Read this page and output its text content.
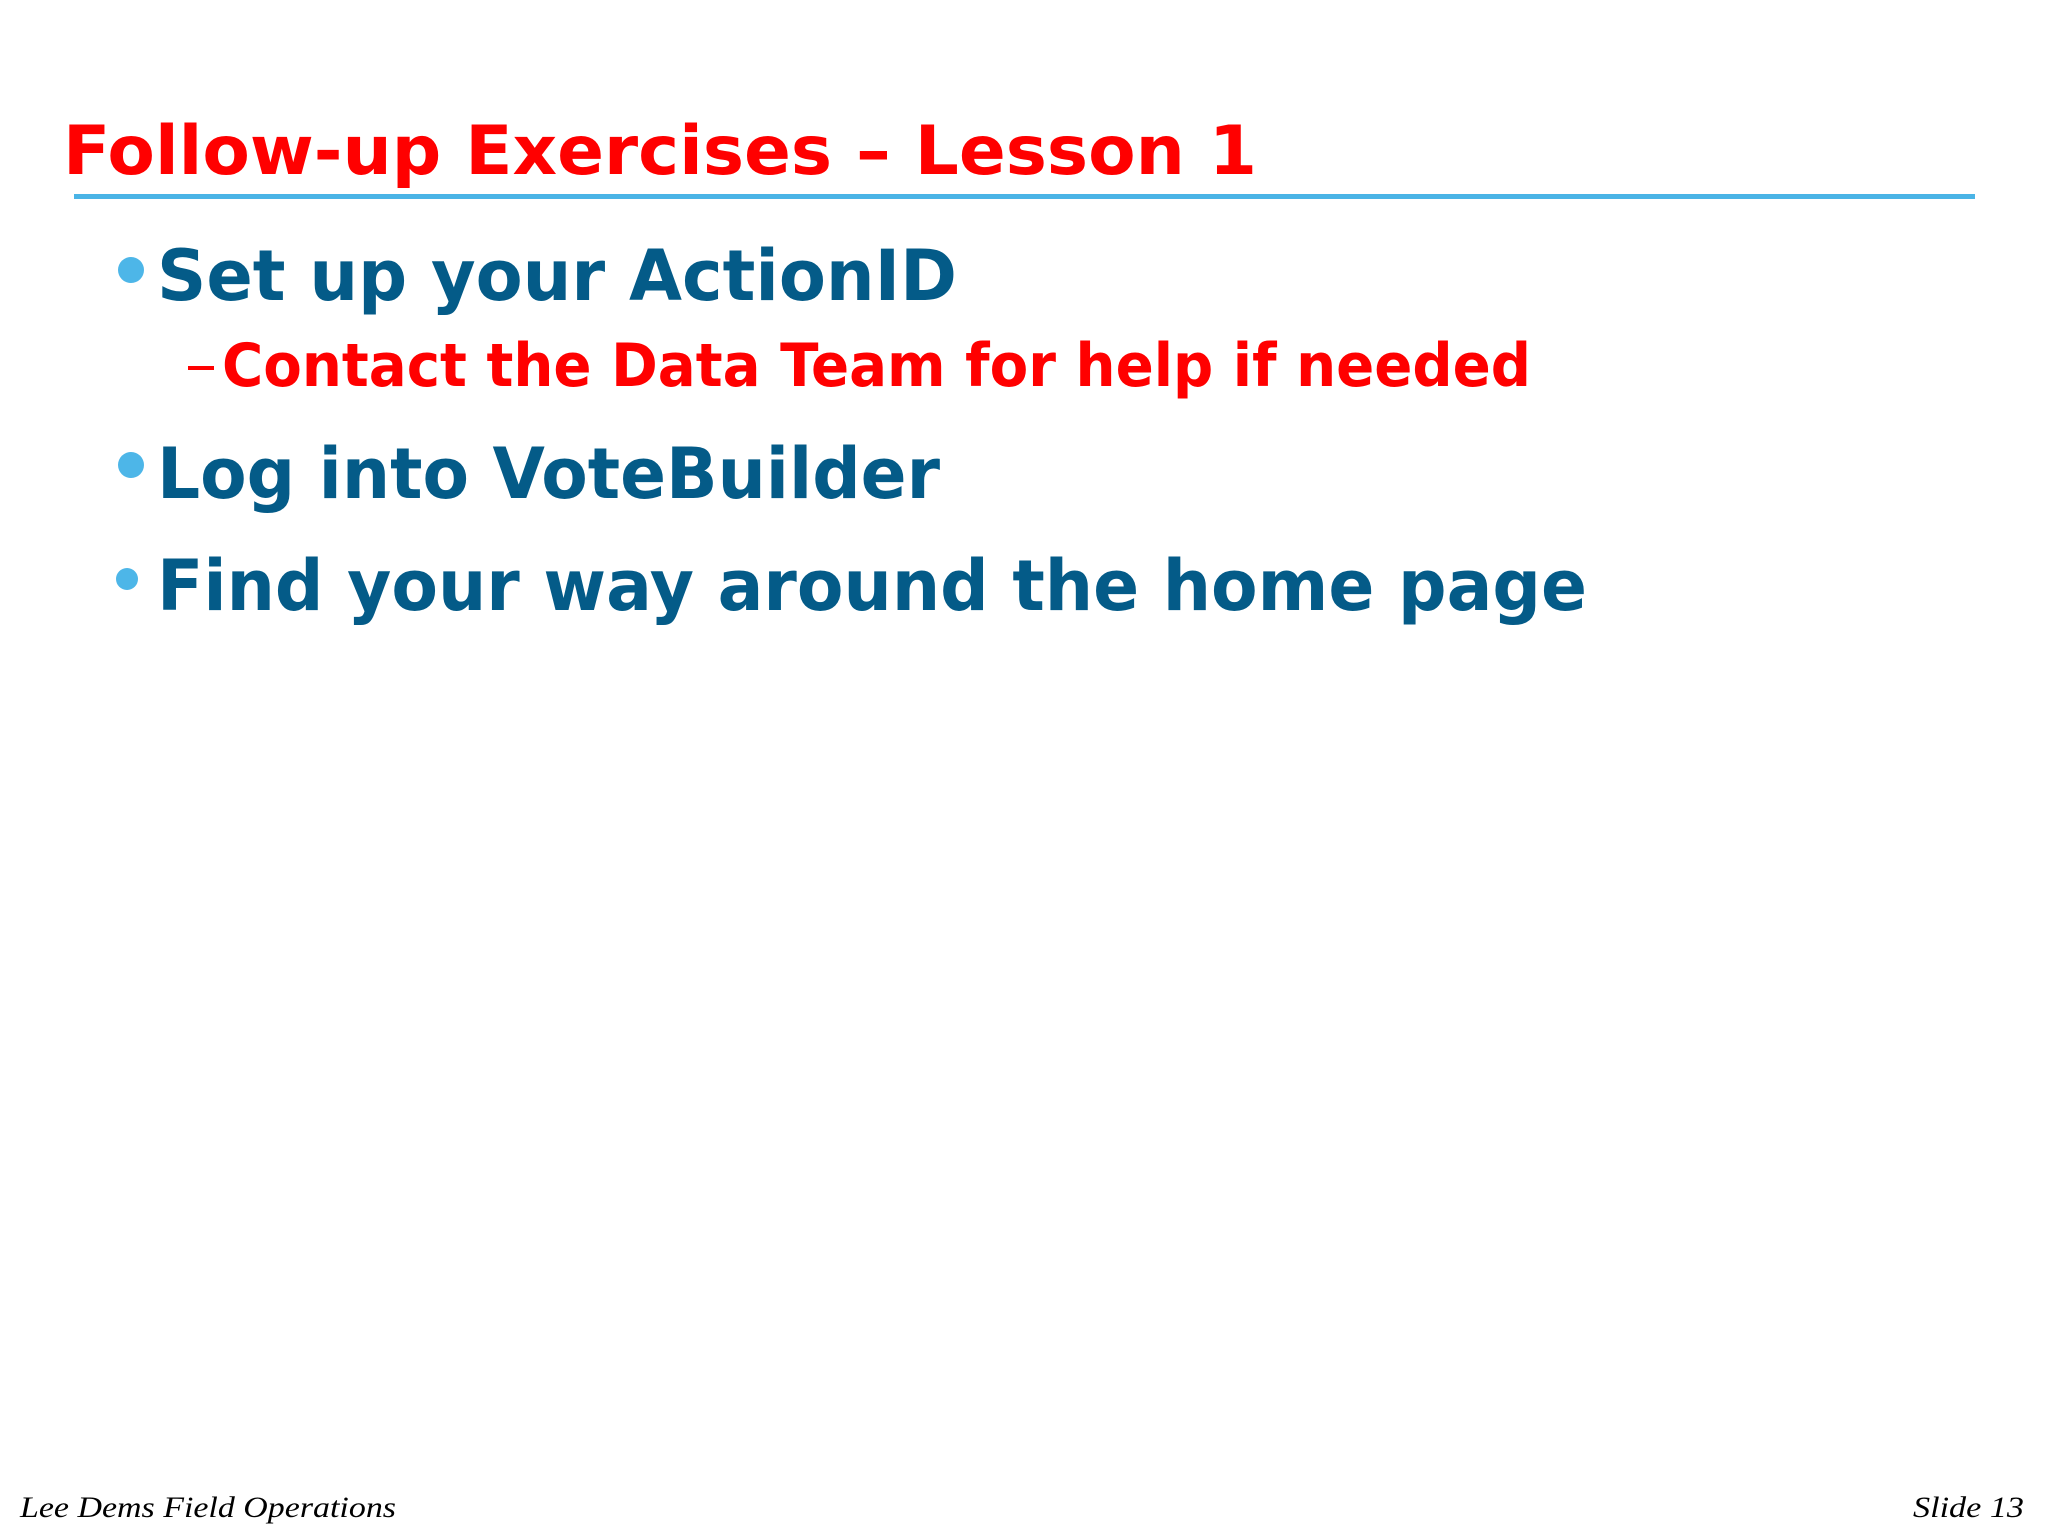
Follow-up Exercises – Lesson 1
Set up your ActionID
Contact the Data Team for help if needed
Log into VoteBuilder
Find your way around the home page
Lee Dems Field Operations	Slide 13
